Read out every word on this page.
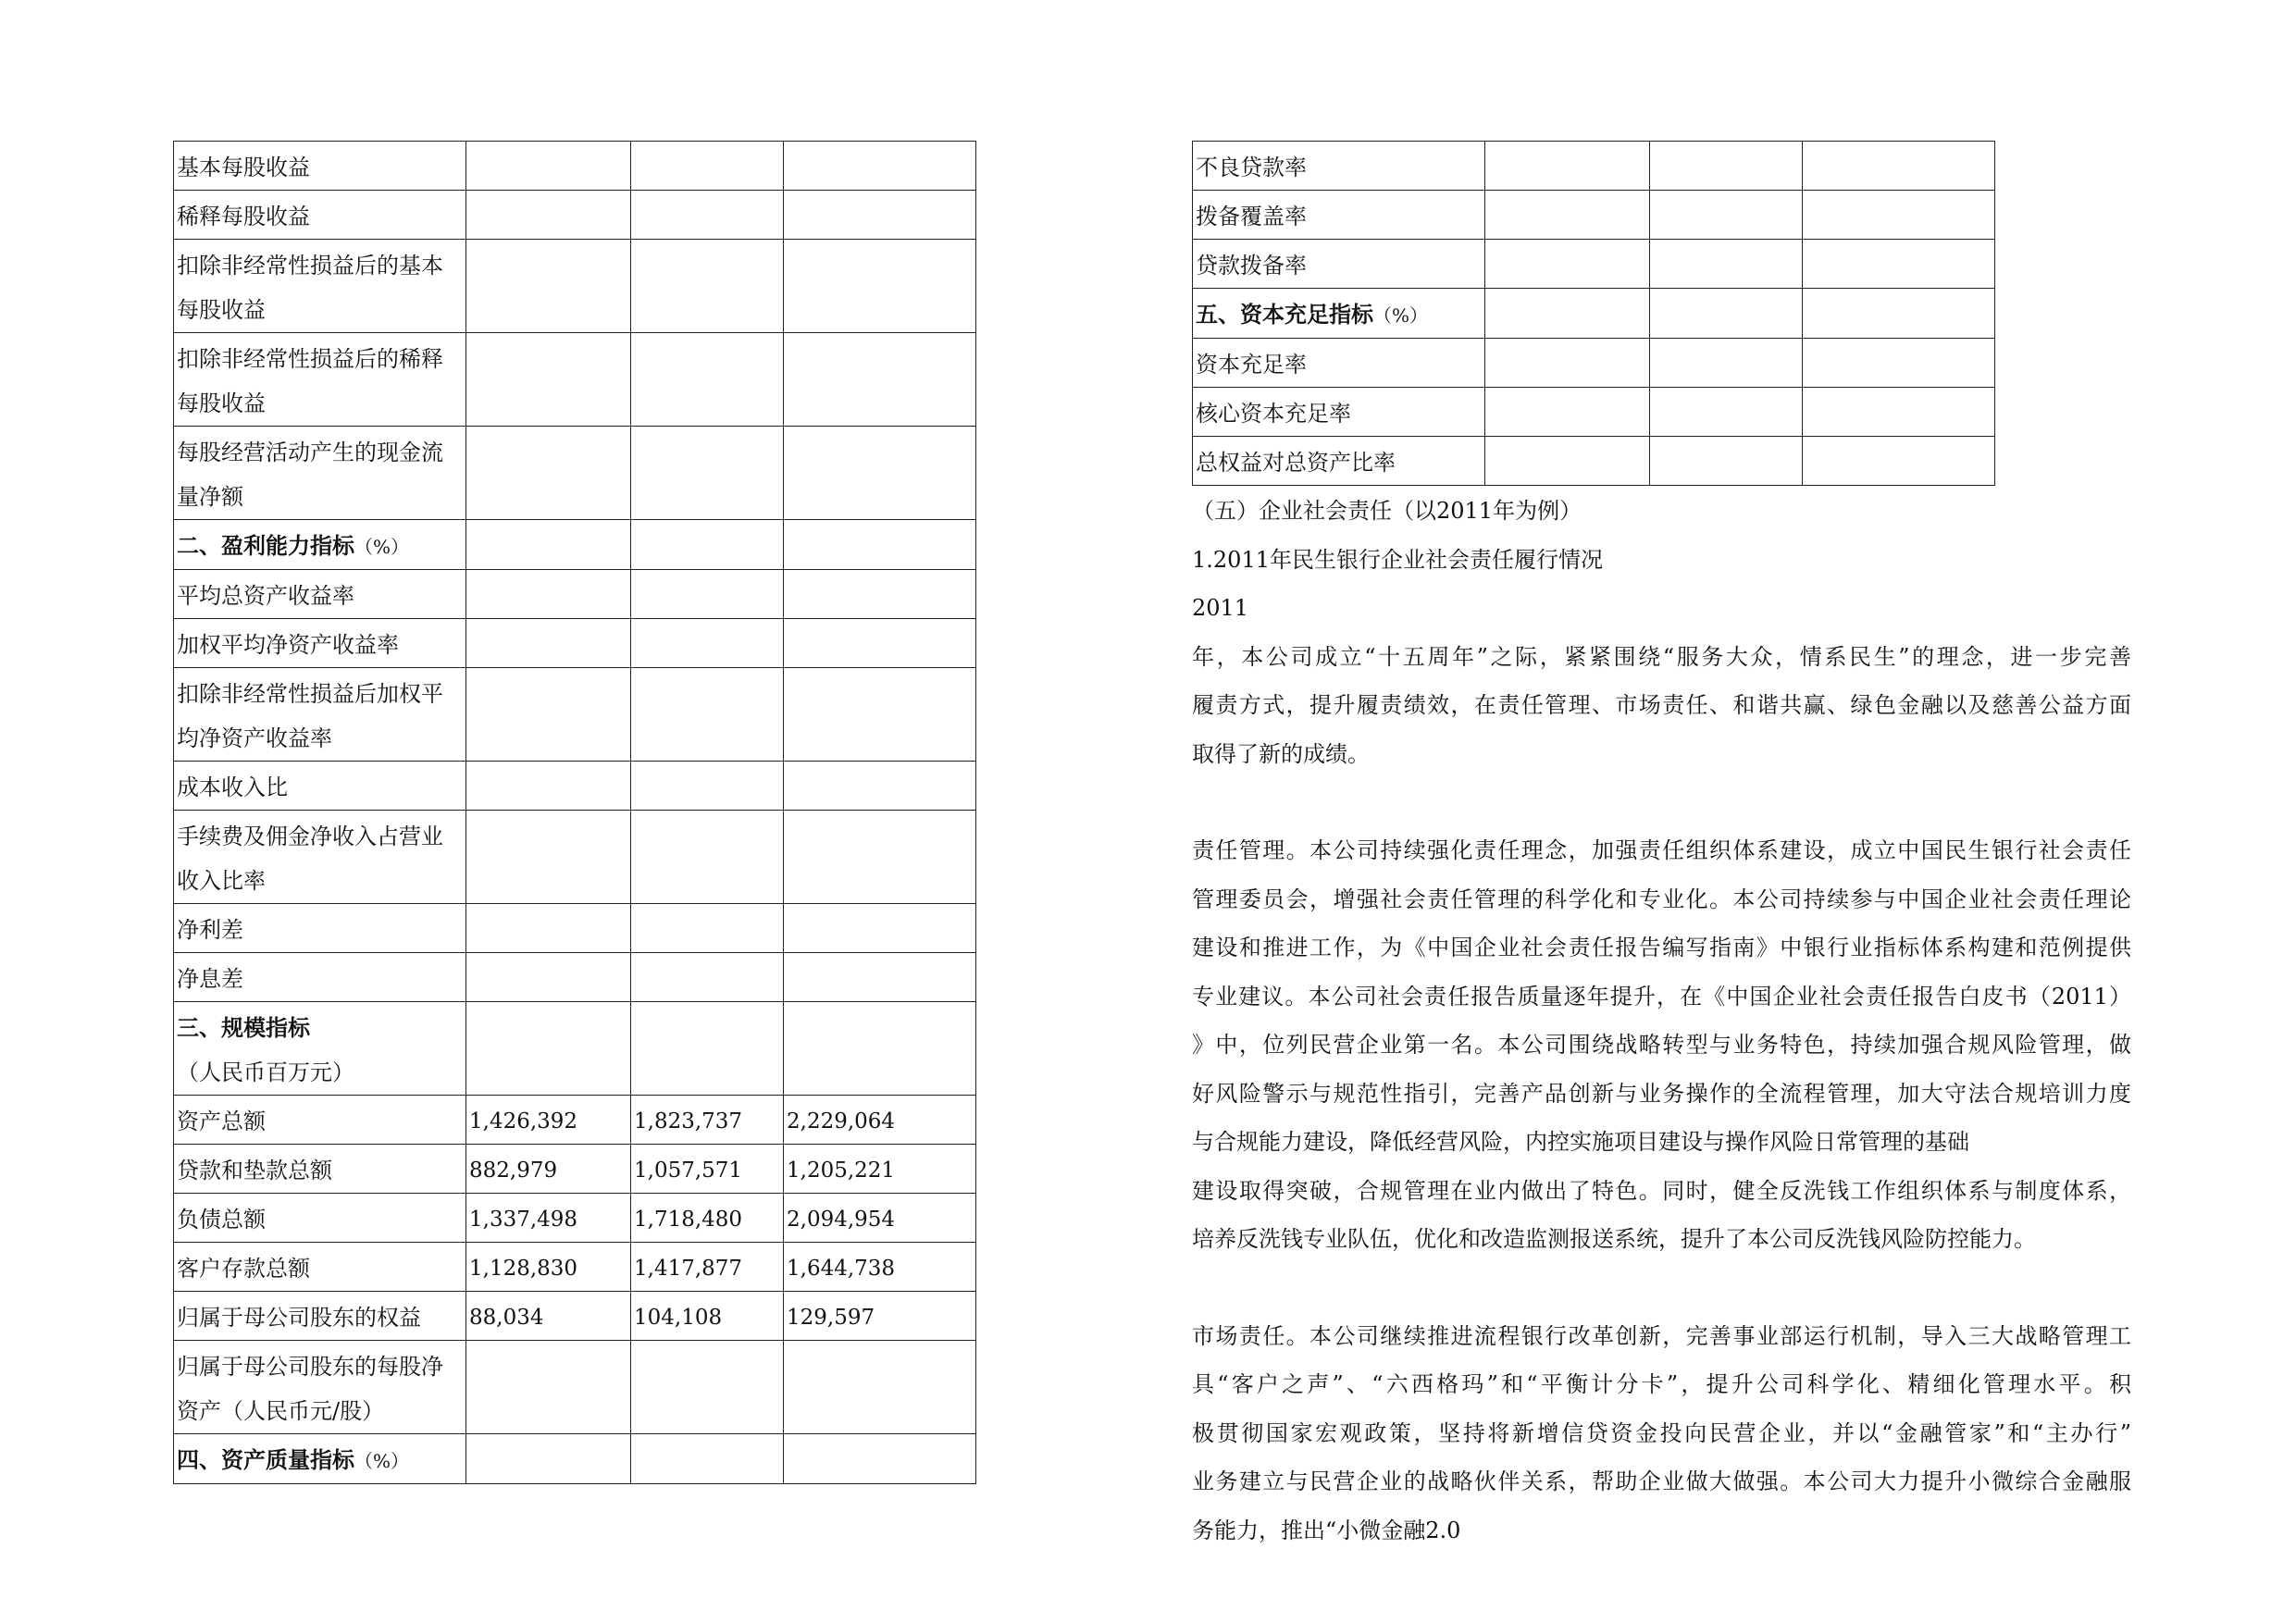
基本每股收益			
稀释每股收益			
扣除非经常性损益后的基本每股收益			
扣除非经常性损益后的稀释每股收益			
每股经营活动产生的现金流量净额			
二、盈利能力指标（%）			
平均总资产收益率			
加权平均净资产收益率			
扣除非经常性损益后加权平均净资产收益率			
成本收入比			
手续费及佣金净收入占营业收入比率			
净利差			
净息差			
三、规模指标
（人民币百万元）			
资产总额	1,426,392	1,823,737	2,229,064
贷款和垫款总额	882,979	1,057,571	1,205,221
负债总额	1,337,498	1,718,480	2,094,954
客户存款总额	1,128,830	1,417,877	1,644,738
归属于母公司股东的权益	88,034	104,108	129,597
归属于母公司股东的每股净资产（人民币元/股）			
四、资产质量指标（%）			
不良贷款率			
拨备覆盖率			
贷款拨备率			
五、资本充足指标（%）			
资本充足率			
核心资本充足率			
总权益对总资产比率			

（五）企业社会责任（以2011年为例）

1.2011年民生银行企业社会责任履行情况

2011

年，本公司成立“十五周年”之际，紧紧围绕“服务大众，情系民生”的理念，进一步完善

履责方式，提升履责绩效，在责任管理、市场责任、和谐共赢、绿色金融以及慈善公益方面

取得了新的成绩。

责任管理。本公司持续强化责任理念，加强责任组织体系建设，成立中国民生银行社会责任

管理委员会，增强社会责任管理的科学化和专业化。本公司持续参与中国企业社会责任理论

建设和推进工作，为《中国企业社会责任报告编写指南》中银行业指标体系构建和范例提供

专业建议。本公司社会责任报告质量逐年提升，在《中国企业社会责任报告白皮书（2011）

》中，位列民营企业第一名。本公司围绕战略转型与业务特色，持续加强合规风险管理，做

好风险警示与规范性指引，完善产品创新与业务操作的全流程管理，加大守法合规培训力度

与合规能力建设，降低经营风险，内控实施项目建设与操作风险日常管理的基础

建设取得突破，合规管理在业内做出了特色。同时，健全反洗钱工作组织体系与制度体系，

培养反洗钱专业队伍，优化和改造监测报送系统，提升了本公司反洗钱风险防控能力。

市场责任。本公司继续推进流程银行改革创新，完善事业部运行机制，导入三大战略管理工

具“客户之声”、“六西格玛”和“平衡计分卡”，提升公司科学化、精细化管理水平。积

极贯彻国家宏观政策，坚持将新增信贷资金投向民营企业，并以“金融管家”和“主办行”

业务建立与民营企业的战略伙伴关系，帮助企业做大做强。本公司大力提升小微综合金融服

务能力，推出“小微金融2.0
